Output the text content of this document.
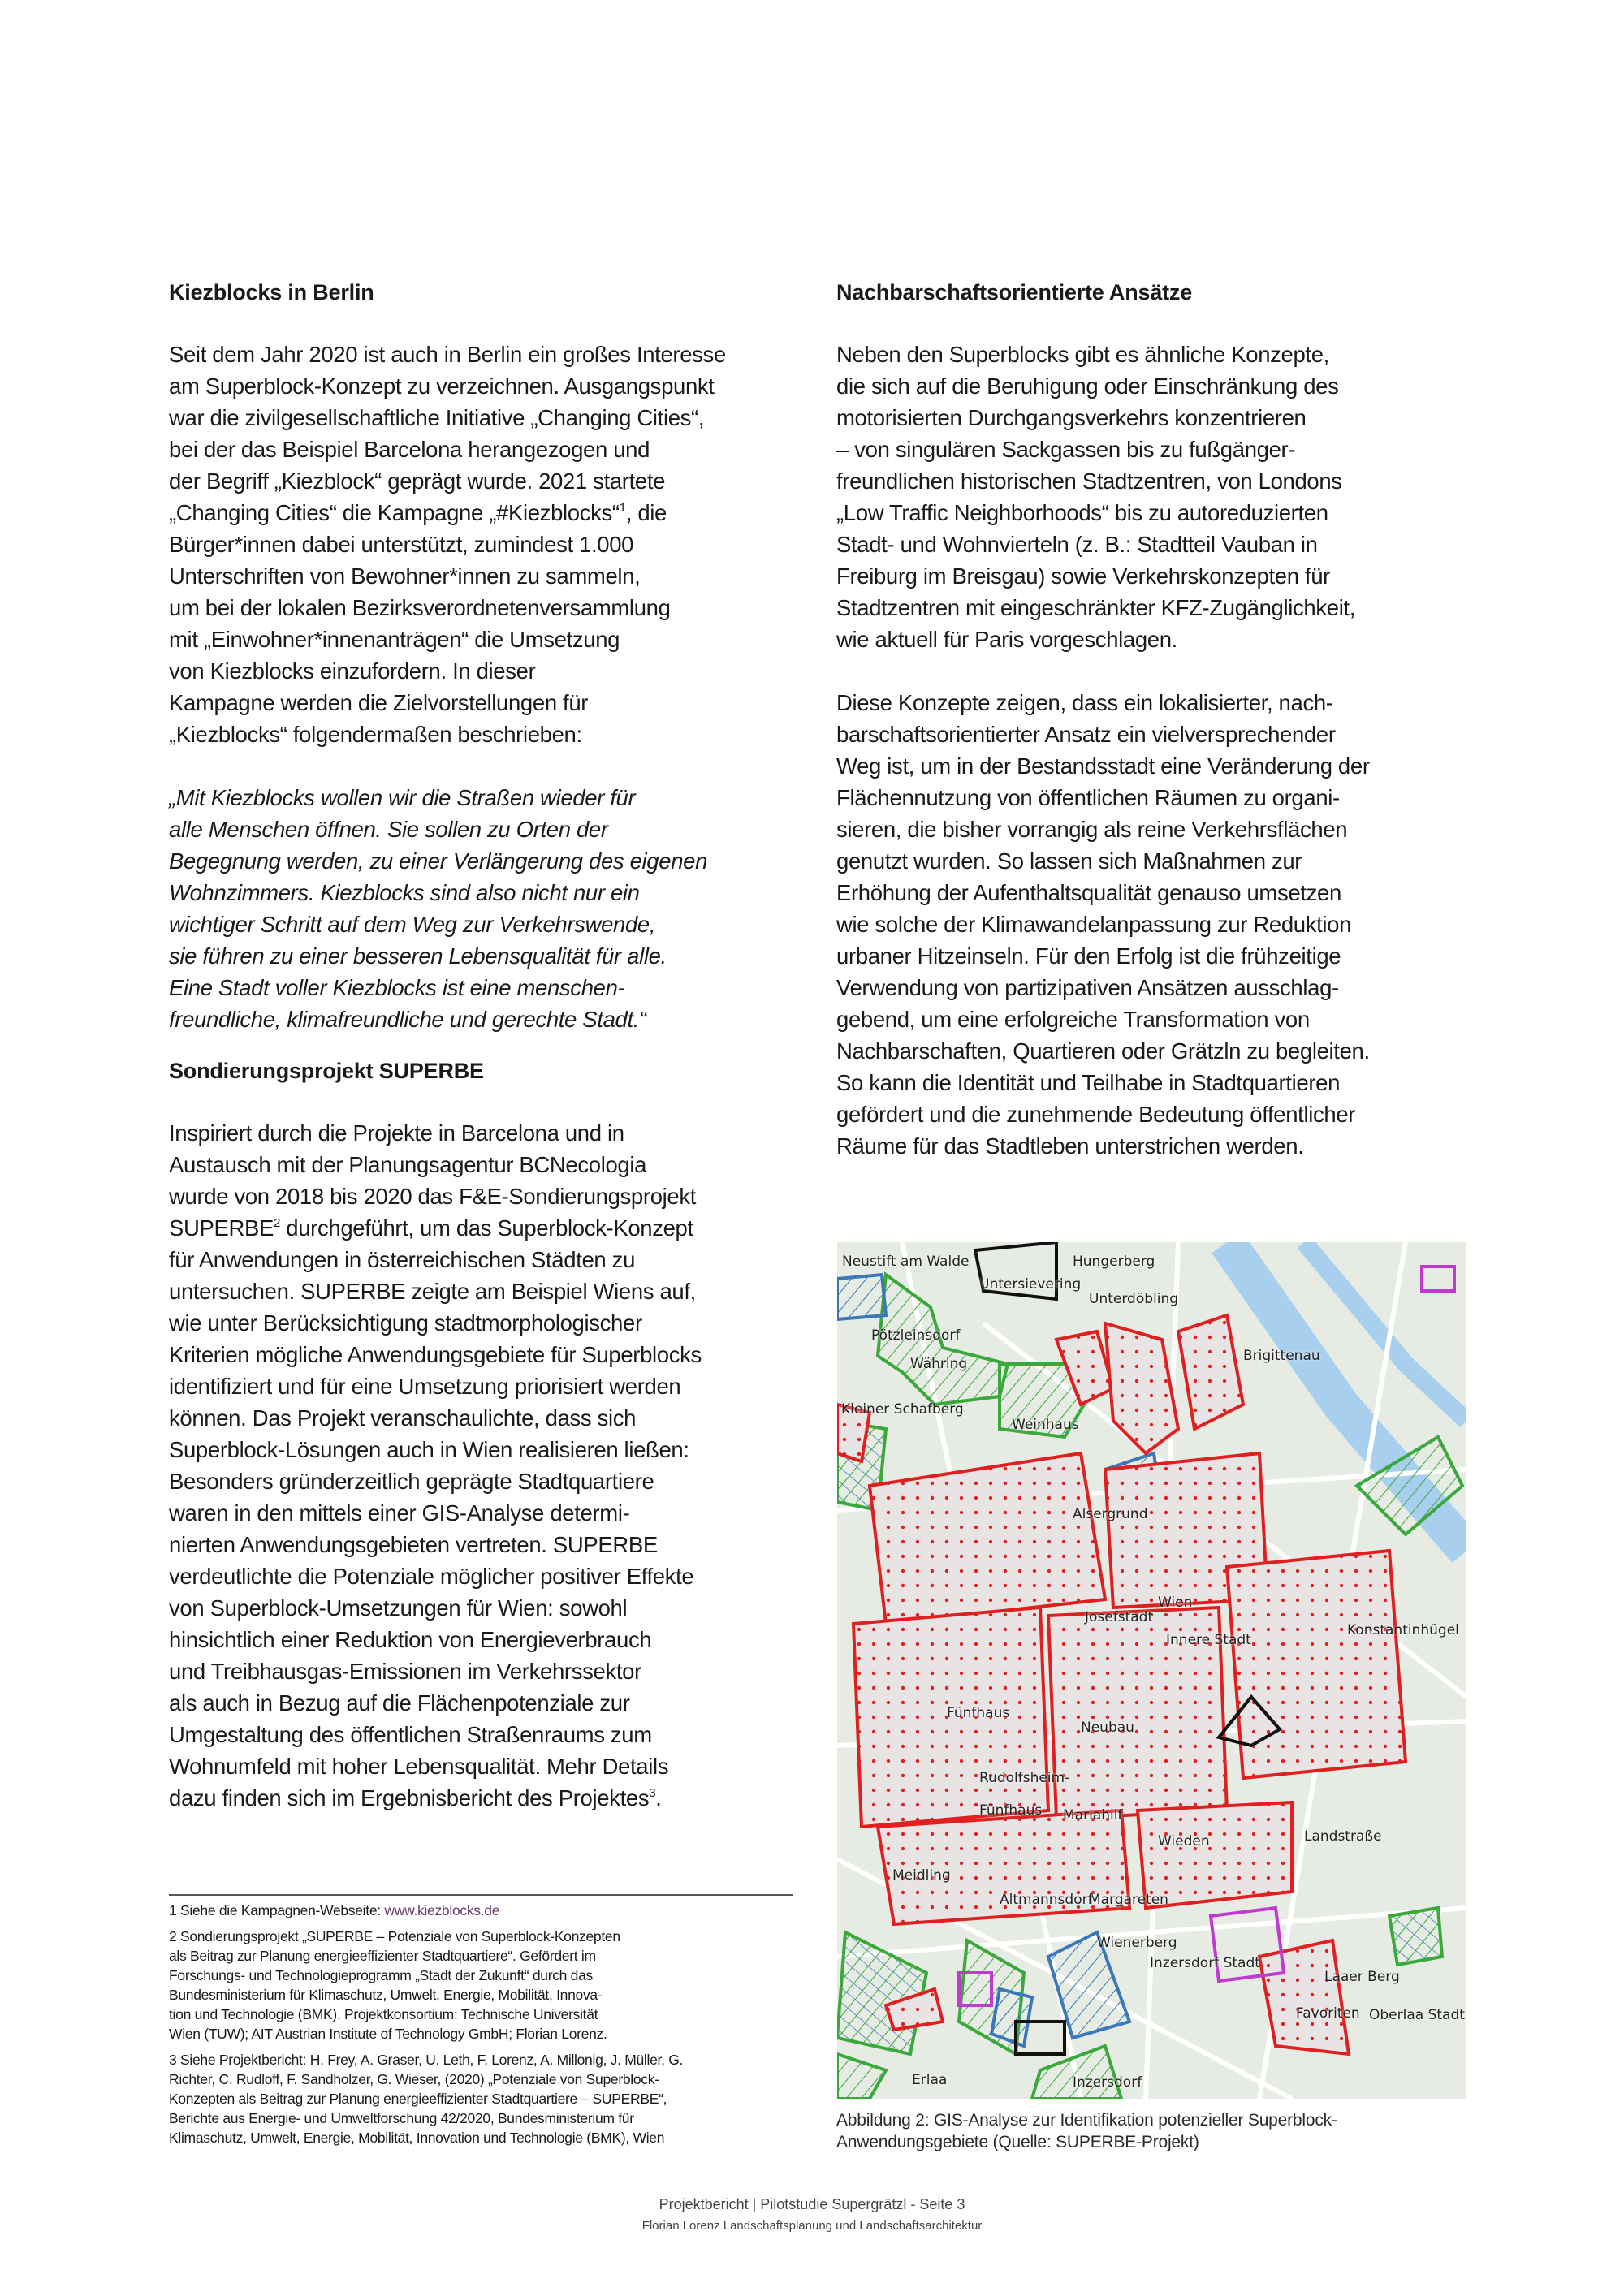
Kiezblocks in Berlin

Seit dem Jahr 2020 ist auch in Berlin ein großes Interesse
am Superblock-Konzept zu verzeichnen. Ausgangspunkt
war die zivilgesellschaftliche Initiative „Changing Cities“,
bei der das Beispiel Barcelona herangezogen und
der Begriff „Kiezblock“ geprägt wurde. 2021 startete
„Changing Cities“ die Kampagne „#Kiezblocks“$^1$, die
Bürger*innen dabei unterstützt, zumindest 1.000
Unterschriften von Bewohner*innen zu sammeln,
um bei der lokalen Bezirksverordnetenversammlung
mit „Einwohner*innenanträgen“ die Umsetzung
von Kiezblocks einzufordern. In dieser
Kampagne werden die Zielvorstellungen für
„Kiezblocks“ folgendermaßen beschrieben:

„Mit Kiezblocks wollen wir die Straßen wieder für
alle Menschen öffnen. Sie sollen zu Orten der
Begegnung werden, zu einer Verlängerung des eigenen
Wohnzimmers. Kiezblocks sind also nicht nur ein
wichtiger Schritt auf dem Weg zur Verkehrswende,
sie führen zu einer besseren Lebensqualität für alle.
Eine Stadt voller Kiezblocks ist eine menschen-
freundliche, klimafreundliche und gerechte Stadt.“

Sondierungsprojekt SUPERBE

Inspiriert durch die Projekte in Barcelona und in
Austausch mit der Planungsagentur BCNecologia
wurde von 2018 bis 2020 das F&E-Sondierungsprojekt
SUPERBE$^2$ durchgeführt, um das Superblock-Konzept
für Anwendungen in österreichischen Städten zu
untersuchen. SUPERBE zeigte am Beispiel Wiens auf,
wie unter Berücksichtigung stadtmorphologischer
Kriterien mögliche Anwendungsgebiete für Superblocks
identifiziert und für eine Umsetzung priorisiert werden
können. Das Projekt veranschaulichte, dass sich
Superblock-Lösungen auch in Wien realisieren ließen:
Besonders gründerzeitlich geprägte Stadtquartiere
waren in den mittels einer GIS-Analyse determi-
nierten Anwendungsgebieten vertreten. SUPERBE
verdeutlichte die Potenziale möglicher positiver Effekte
von Superblock-Umsetzungen für Wien: sowohl
hinsichtlich einer Reduktion von Energieverbrauch
und Treibhausgas-Emissionen im Verkehrssektor
als auch in Bezug auf die Flächenpotenziale zur
Umgestaltung des öffentlichen Straßenraums zum
Wohnumfeld mit hoher Lebensqualität. Mehr Details
dazu finden sich im Ergebnisbericht des Projektes$^3$.

Nachbarschaftsorientierte Ansätze

Neben den Superblocks gibt es ähnliche Konzepte,
die sich auf die Beruhigung oder Einschränkung des
motorisierten Durchgangsverkehrs konzentrieren
– von singulären Sackgassen bis zu fußgänger-
freundlichen historischen Stadtzentren, von Londons
„Low Traffic Neighborhoods“ bis zu autoreduzierten
Stadt- und Wohnvierteln (z. B.: Stadtteil Vauban in
Freiburg im Breisgau) sowie Verkehrskonzepten für
Stadtzentren mit eingeschränkter KFZ-Zugänglichkeit,
wie aktuell für Paris vorgeschlagen.

Diese Konzepte zeigen, dass ein lokalisierter, nach-
barschaftsorientierter Ansatz ein vielversprechender
Weg ist, um in der Bestandsstadt eine Veränderung der
Flächennutzung von öffentlichen Räumen zu organi-
sieren, die bisher vorrangig als reine Verkehrsflächen
genutzt wurden. So lassen sich Maßnahmen zur
Erhöhung der Aufenthaltsqualität genauso umsetzen
wie solche der Klimawandelanpassung zur Reduktion
urbaner Hitzeinseln. Für den Erfolg ist die frühzeitige
Verwendung von partizipativen Ansätzen ausschlag-
gebend, um eine erfolgreiche Transformation von
Nachbarschaften, Quartieren oder Grätzln zu begleiten.
So kann die Identität und Teilhabe in Stadtquartieren
gefördert und die zunehmende Bedeutung öffentlicher
Räume für das Stadtleben unterstrichen werden.

Neustift am Walde	Hungerberg
Untersievering
Pötzleinsdorf
Währing
Unterdöbling
Brigittenau
Kleiner Schafberg
Weinhaus
Alsergrund
Josefstadt
Wien
Innere Stadt
Konstantinhügel
Fünfhaus
Neubau
Rudolfsheim-
Fünfhaus Mariahilf
Wieden	Landstraße
Margareten
Meidling
Altmannsdorf
Wienerberg
Inzersdorf Stadt
Laaer Berg
Favoriten Oberlaa Stadt
Erlaa	Inzersdorf
Abbildung 2: GIS-Analyse zur Identifikation potenzieller Superblock-
Anwendungsgebiete (Quelle: SUPERBE-Projekt)

1 Siehe die Kampagnen-Webseite: www.kiezblocks.de

2 Sondierungsprojekt „SUPERBE – Potenziale von Superblock-Konzepten
als Beitrag zur Planung energieeffizienter Stadtquartiere“. Gefördert im
Forschungs- und Technologieprogramm „Stadt der Zukunft“ durch das
Bundesministerium für Klimaschutz, Umwelt, Energie, Mobilität, Innova-
tion und Technologie (BMK). Projektkonsortium: Technische Universität
Wien (TUW); AIT Austrian Institute of Technology GmbH; Florian Lorenz.

3 Siehe Projektbericht: H. Frey, A. Graser, U. Leth, F. Lorenz, A. Millonig, J. Müller, G.
Richter, C. Rudloff, F. Sandholzer, G. Wieser, (2020) „Potenziale von Superblock-
Konzepten als Beitrag zur Planung energieeffizienter Stadtquartiere – SUPERBE“,
Berichte aus Energie- und Umweltforschung 42/2020, Bundesministerium für
Klimaschutz, Umwelt, Energie, Mobilität, Innovation und Technologie (BMK), Wien

Projektbericht | Pilotstudie Supergrätzl - Seite 3
Florian Lorenz Landschaftsplanung und Landschaftsarchitektur
